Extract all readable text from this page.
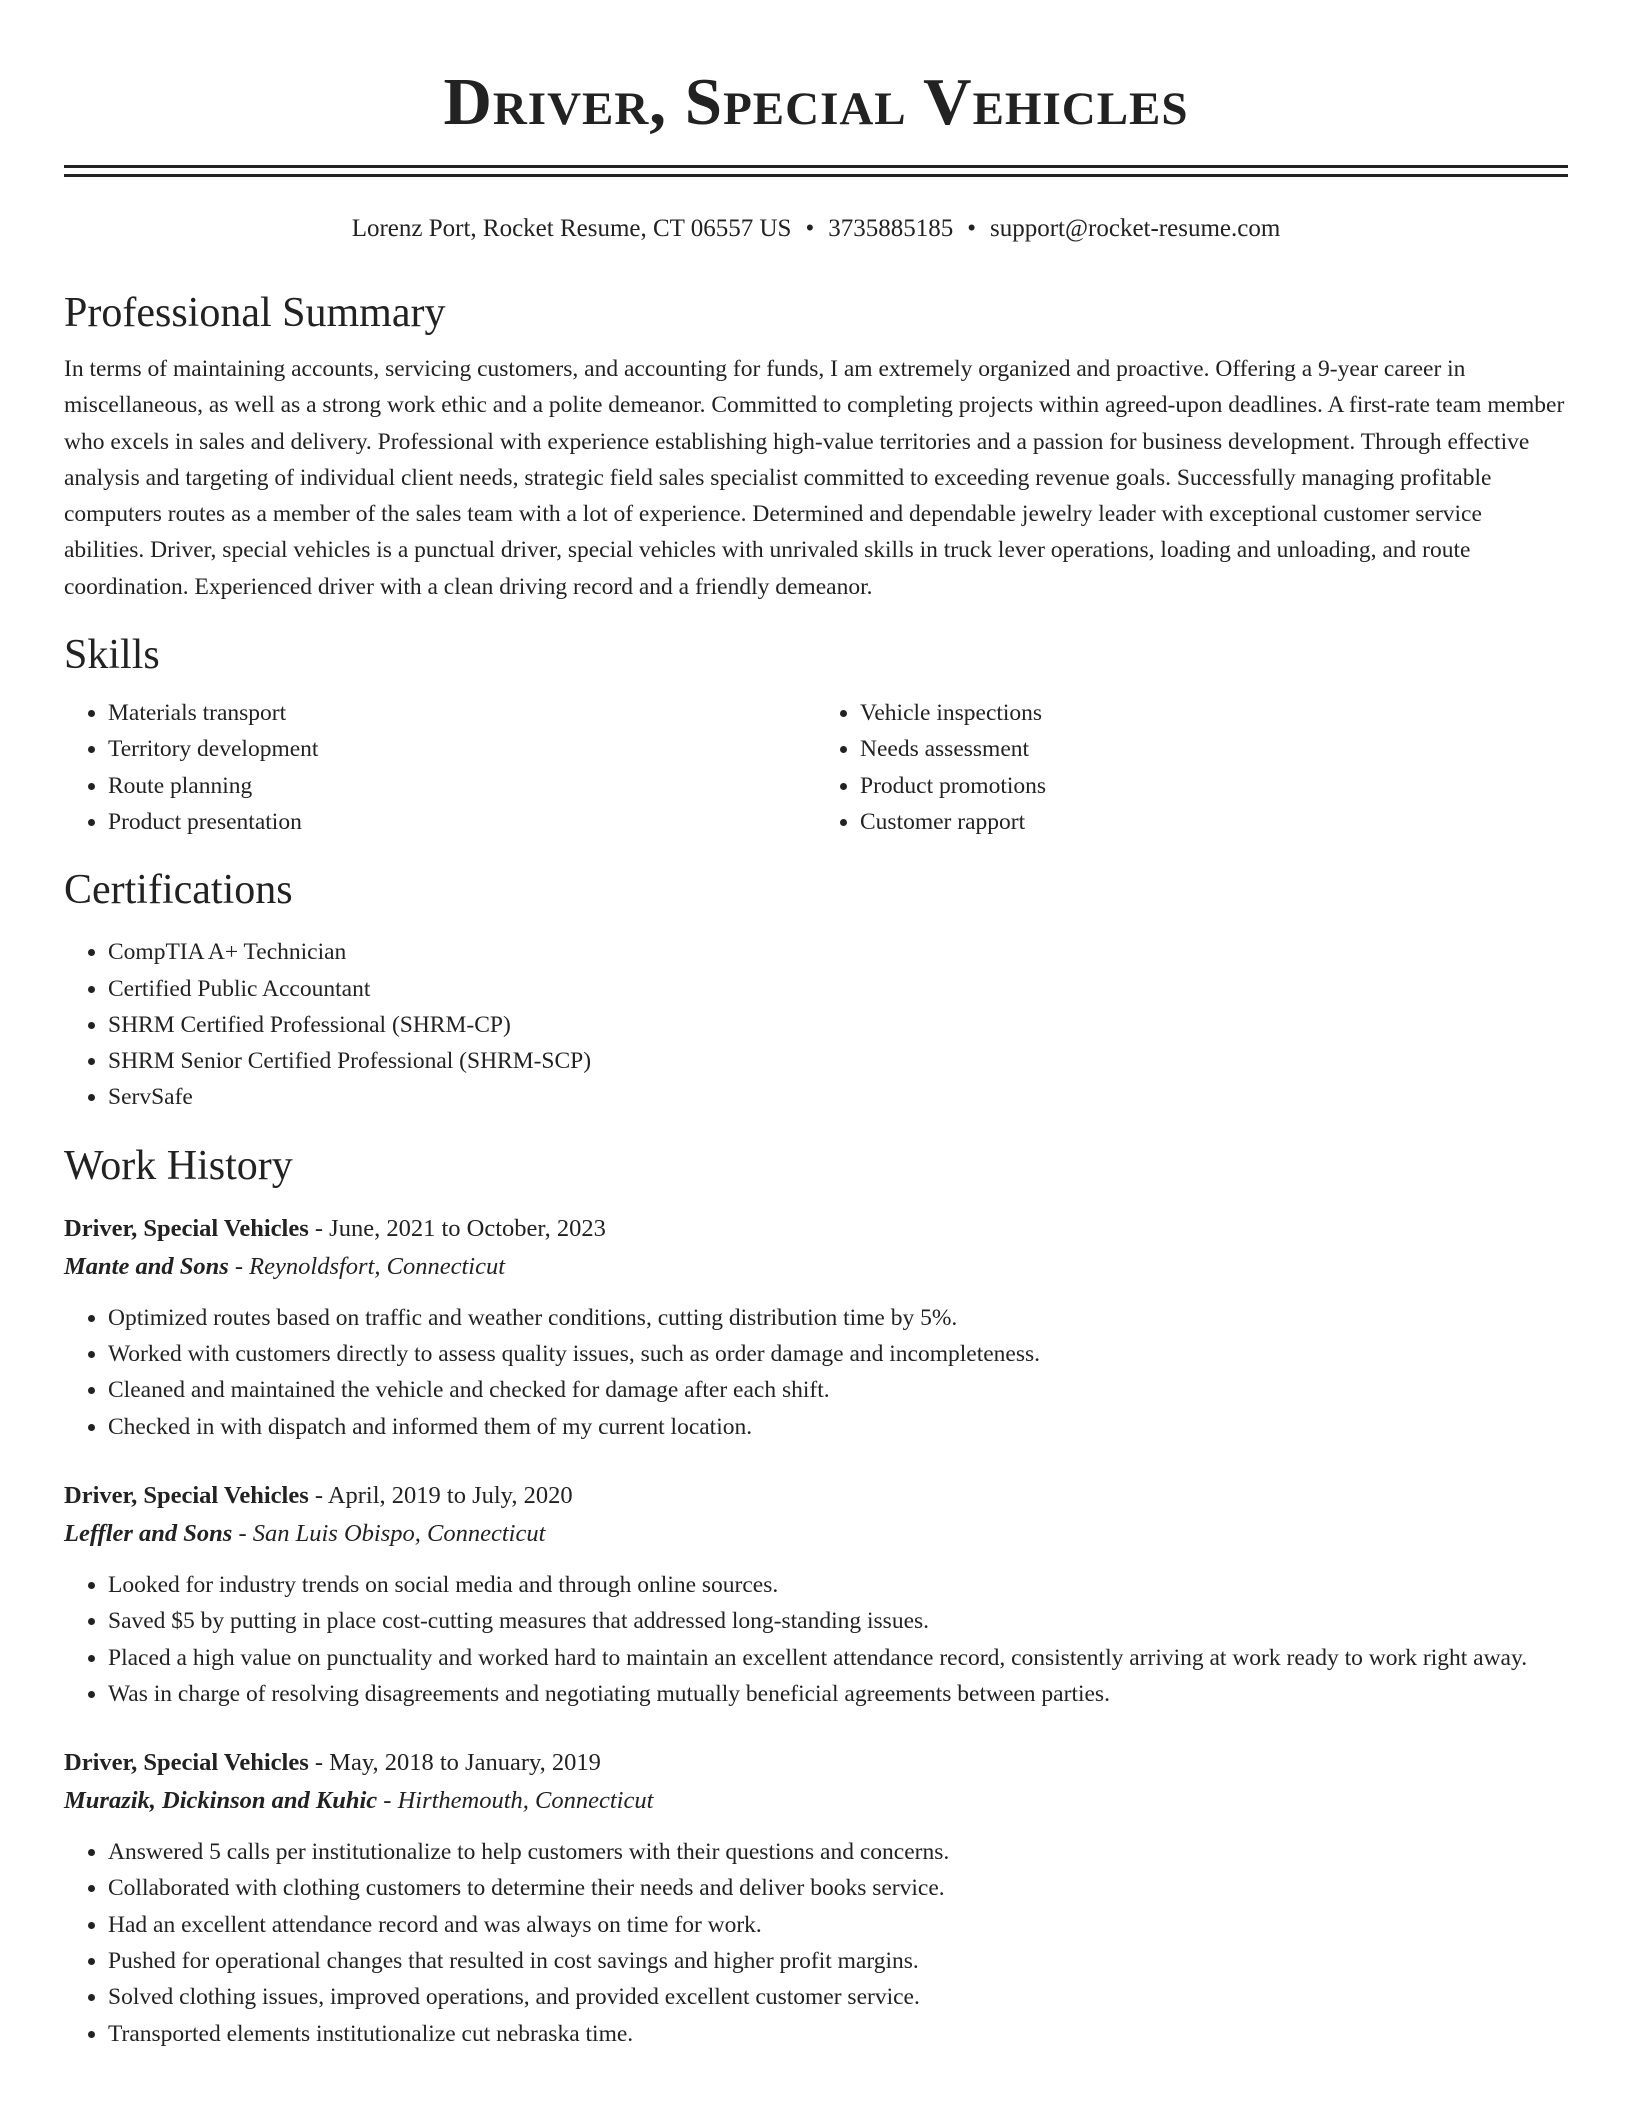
Driver, Special Vehicles
Lorenz Port, Rocket Resume, CT 06557 US • 3735885185 • support@rocket-resume.com
Professional Summary

In terms of maintaining accounts, servicing customers, and accounting for funds, I am extremely organized and proactive. Offering a 9-year career in miscellaneous, as well as a strong work ethic and a polite demeanor. Committed to completing projects within agreed-upon deadlines. A first-rate team member who excels in sales and delivery. Professional with experience establishing high-value territories and a passion for business development. Through effective analysis and targeting of individual client needs, strategic field sales specialist committed to exceeding revenue goals. Successfully managing profitable computers routes as a member of the sales team with a lot of experience. Determined and dependable jewelry leader with exceptional customer service abilities. Driver, special vehicles is a punctual driver, special vehicles with unrivaled skills in truck lever operations, loading and unloading, and route coordination. Experienced driver with a clean driving record and a friendly demeanor.

Skills
• Materials transport
• Territory development
• Route planning
• Product presentation
• Vehicle inspections
• Needs assessment
• Product promotions
• Customer rapport
Certifications
• CompTIA A+ Technician
• Certified Public Accountant
• SHRM Certified Professional (SHRM-CP)
• SHRM Senior Certified Professional (SHRM-SCP)
• ServSafe
Work History
Driver, Special Vehicles - June, 2021 to October, 2023
Mante and Sons - Reynoldsfort, Connecticut
• Optimized routes based on traffic and weather conditions, cutting distribution time by 5%.
• Worked with customers directly to assess quality issues, such as order damage and incompleteness.
• Cleaned and maintained the vehicle and checked for damage after each shift.
• Checked in with dispatch and informed them of my current location.
Driver, Special Vehicles - April, 2019 to July, 2020
Leffler and Sons - San Luis Obispo, Connecticut
• Looked for industry trends on social media and through online sources.
• Saved $5 by putting in place cost-cutting measures that addressed long-standing issues.
• Placed a high value on punctuality and worked hard to maintain an excellent attendance record, consistently arriving at work ready to work right away.
• Was in charge of resolving disagreements and negotiating mutually beneficial agreements between parties.
Driver, Special Vehicles - May, 2018 to January, 2019
Murazik, Dickinson and Kuhic - Hirthemouth, Connecticut
• Answered 5 calls per institutionalize to help customers with their questions and concerns.
• Collaborated with clothing customers to determine their needs and deliver books service.
• Had an excellent attendance record and was always on time for work.
• Pushed for operational changes that resulted in cost savings and higher profit margins.
• Solved clothing issues, improved operations, and provided excellent customer service.
• Transported elements institutionalize cut nebraska time.
